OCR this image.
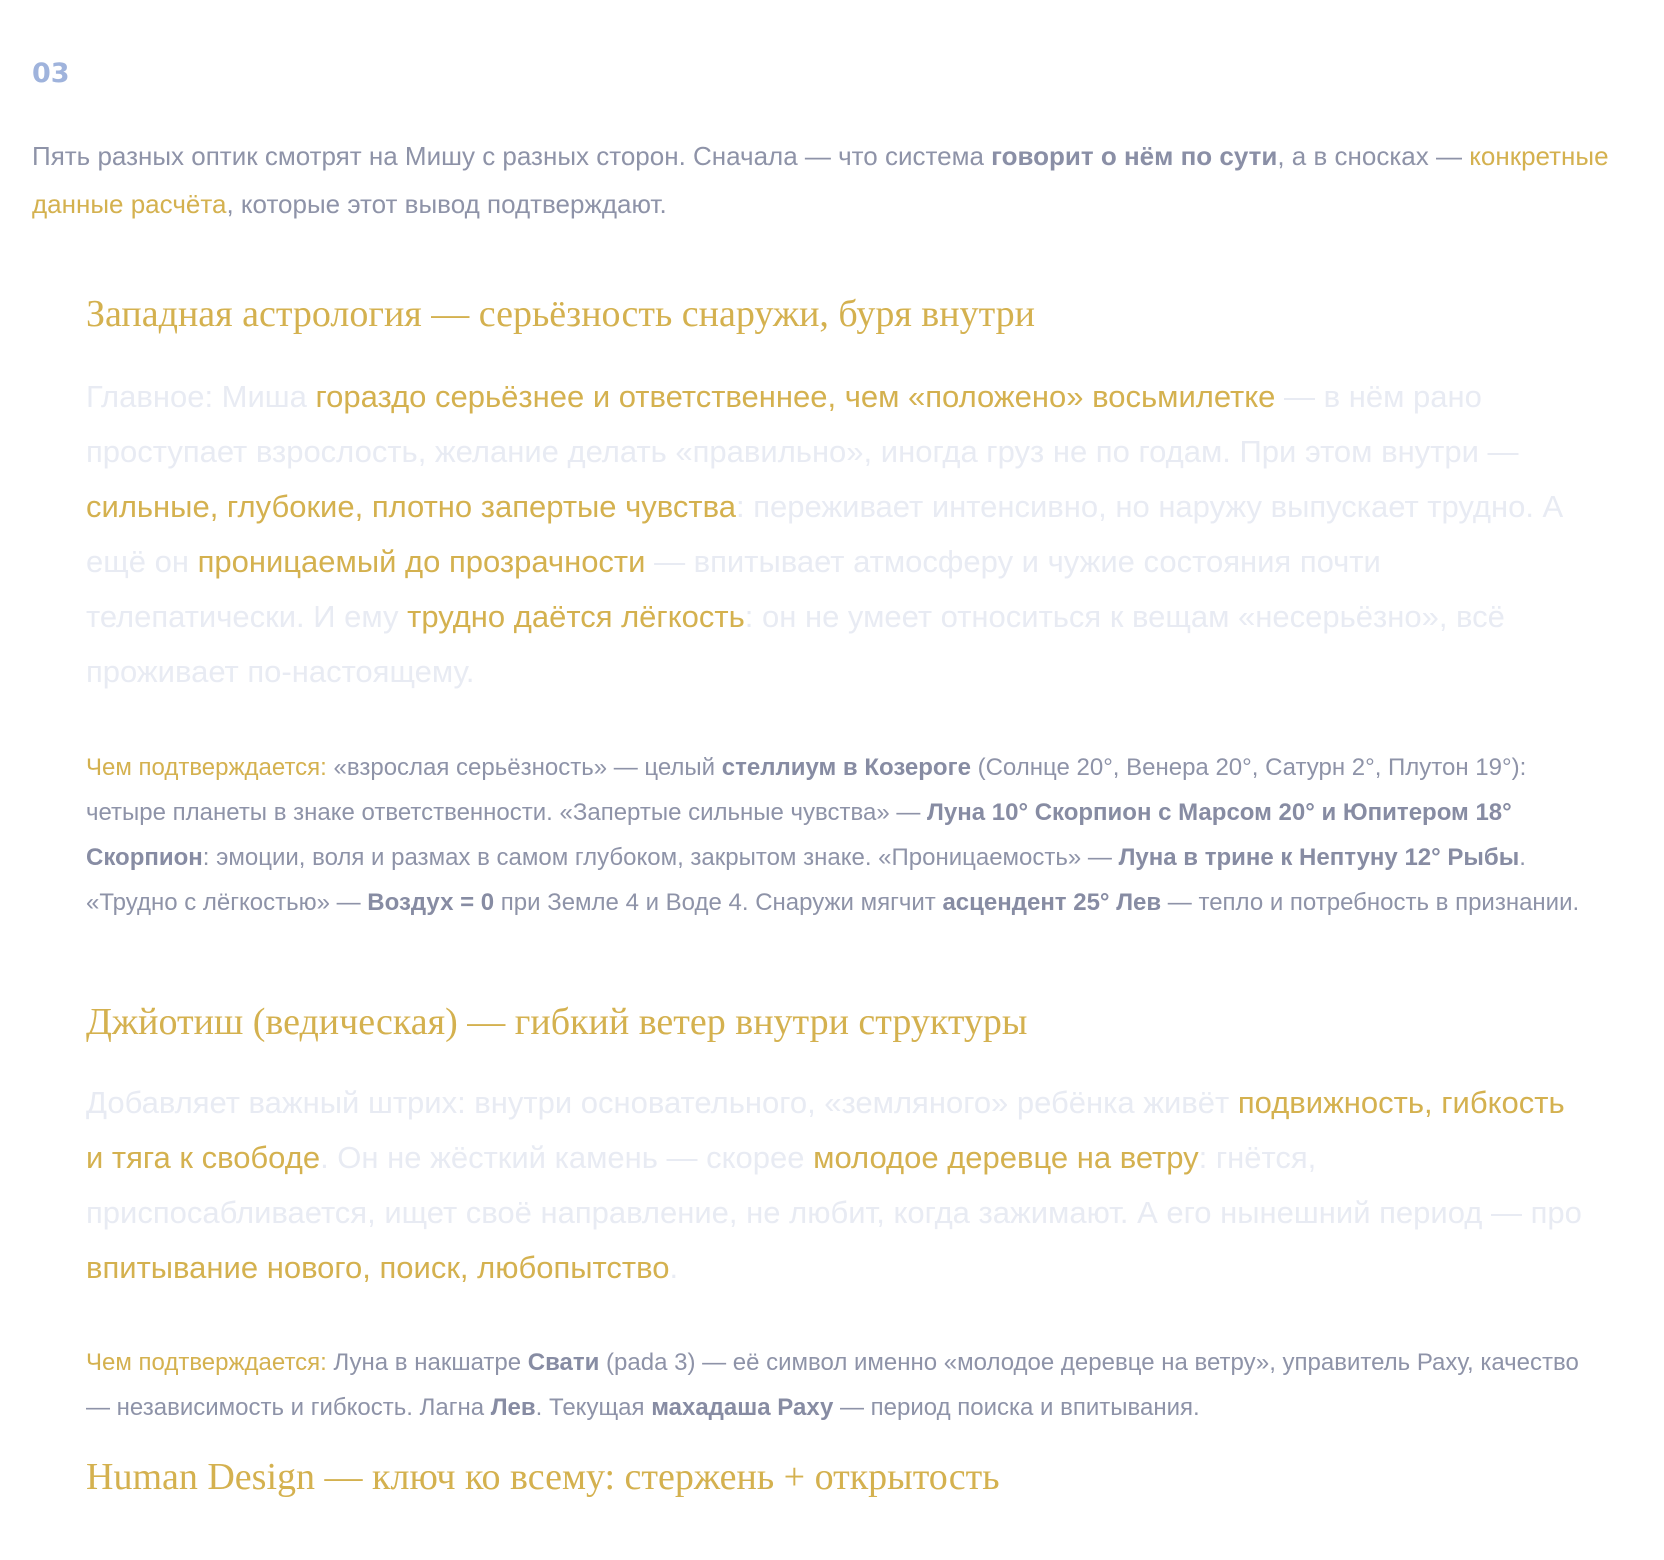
03

Пять разных оптик смотрят на Мишу с разных сторон. Сначала — что система говорит о нём по сути, а в сносках — конкретные данные расчёта, которые этот вывод подтверждают.

Западная астрология — серьёзность снаружи, буря внутри

Главное: Миша гораздо серьёзнее и ответственнее, чем «положено» восьмилетке — в нём рано проступает взрослость, желание делать «правильно», иногда груз не по годам. При этом внутри — сильные, глубокие, плотно запертые чувства: переживает интенсивно, но наружу выпускает трудно. А ещё он проницаемый до прозрачности — впитывает атмосферу и чужие состояния почти телепатически. И ему трудно даётся лёгкость: он не умеет относиться к вещам «несерьёзно», всё проживает по-настоящему.

Чем подтверждается: «взрослая серьёзность» — целый стеллиум в Козероге (Солнце 20°, Венера 20°, Сатурн 2°, Плутон 19°): четыре планеты в знаке ответственности. «Запертые сильные чувства» — Луна 10° Скорпион с Марсом 20° и Юпитером 18° Скорпион: эмоции, воля и размах в самом глубоком, закрытом знаке. «Проницаемость» — Луна в трине к Нептуну 12° Рыбы. «Трудно с лёгкостью» — Воздух = 0 при Земле 4 и Воде 4. Снаружи мягчит асцендент 25° Лев — тепло и потребность в признании.

Джйотиш (ведическая) — гибкий ветер внутри структуры

Добавляет важный штрих: внутри основательного, «земляного» ребёнка живёт подвижность, гибкость и тяга к свободе. Он не жёсткий камень — скорее молодое деревце на ветру: гнётся, приспосабливается, ищет своё направление, не любит, когда зажимают. А его нынешний период — про впитывание нового, поиск, любопытство.

Чем подтверждается: Луна в накшатре Свати (pada 3) — её символ именно «молодое деревце на ветру», управитель Раху, качество — независимость и гибкость. Лагна Лев. Текущая махадаша Раху — период поиска и впитывания.

Human Design — ключ ко всему: стержень + открытость
